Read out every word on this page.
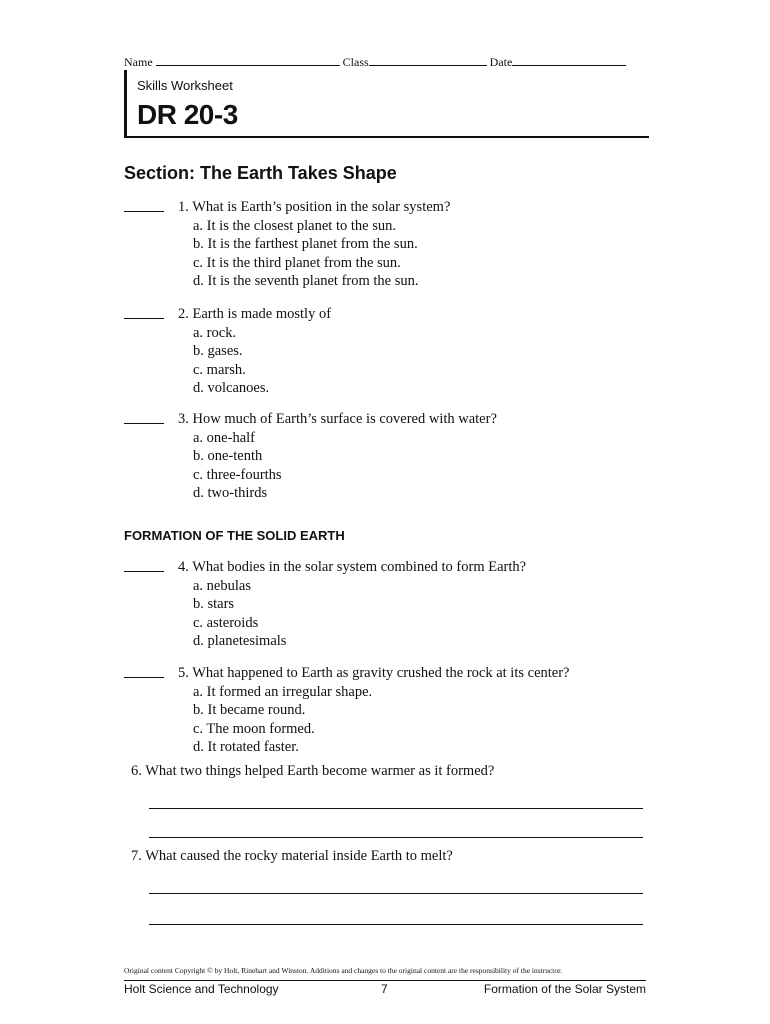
Name	Class	Date
Skills Worksheet
DR 20-3
Section: The Earth Takes Shape
1. What is Earth’s position in the solar system?
a. It is the closest planet to the sun.
b. It is the farthest planet from the sun.
c. It is the third planet from the sun.
d. It is the seventh planet from the sun.
2. Earth is made mostly of
a. rock.
b. gases.
c. marsh.
d. volcanoes.
3. How much of Earth’s surface is covered with water?
a. one-half
b. one-tenth
c. three-fourths
d. two-thirds
FORMATION OF THE SOLID EARTH
4. What bodies in the solar system combined to form Earth?
a. nebulas
b. stars
c. asteroids
d. planetesimals
5. What happened to Earth as gravity crushed the rock at its center?
a. It formed an irregular shape.
b. It became round.
c. The moon formed.
d. It rotated faster.
6. What two things helped Earth become warmer as it formed?
7. What caused the rocky material inside Earth to melt?
Original content Copyright © by Holt, Rinehart and Winston. Additions and changes to the original content are the responsibility of the instructor.
Holt Science and Technology	7	Formation of the Solar System
